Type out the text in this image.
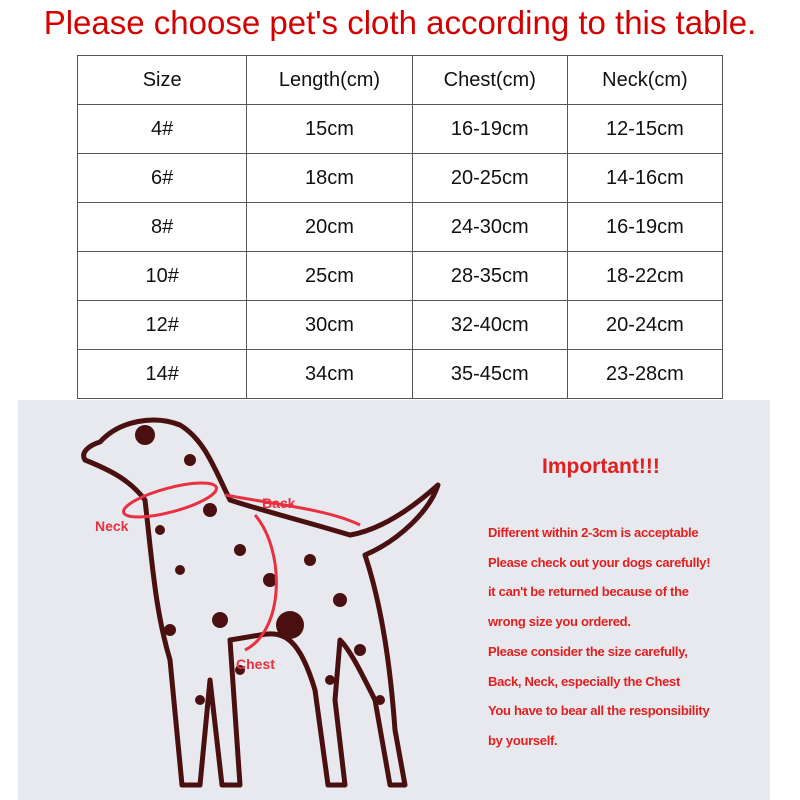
Please choose pet's cloth according to this table.
Size	Length(cm)	Chest(cm)	Neck(cm)
4#	15cm	16-19cm	12-15cm
6#	18cm	20-25cm	14-16cm
8#	20cm	24-30cm	16-19cm
10#	25cm	28-35cm	18-22cm
12#	30cm	32-40cm	20-24cm
14#	34cm	35-45cm	23-28cm
Neck
Back
Chest
Important!!!
Different within 2-3cm is acceptable
Please check out your dogs carefully!
it can't be returned because of the
wrong size you ordered.
Please consider the size carefully,
Back, Neck, especially the Chest
You have to bear all the responsibility
by yourself.
